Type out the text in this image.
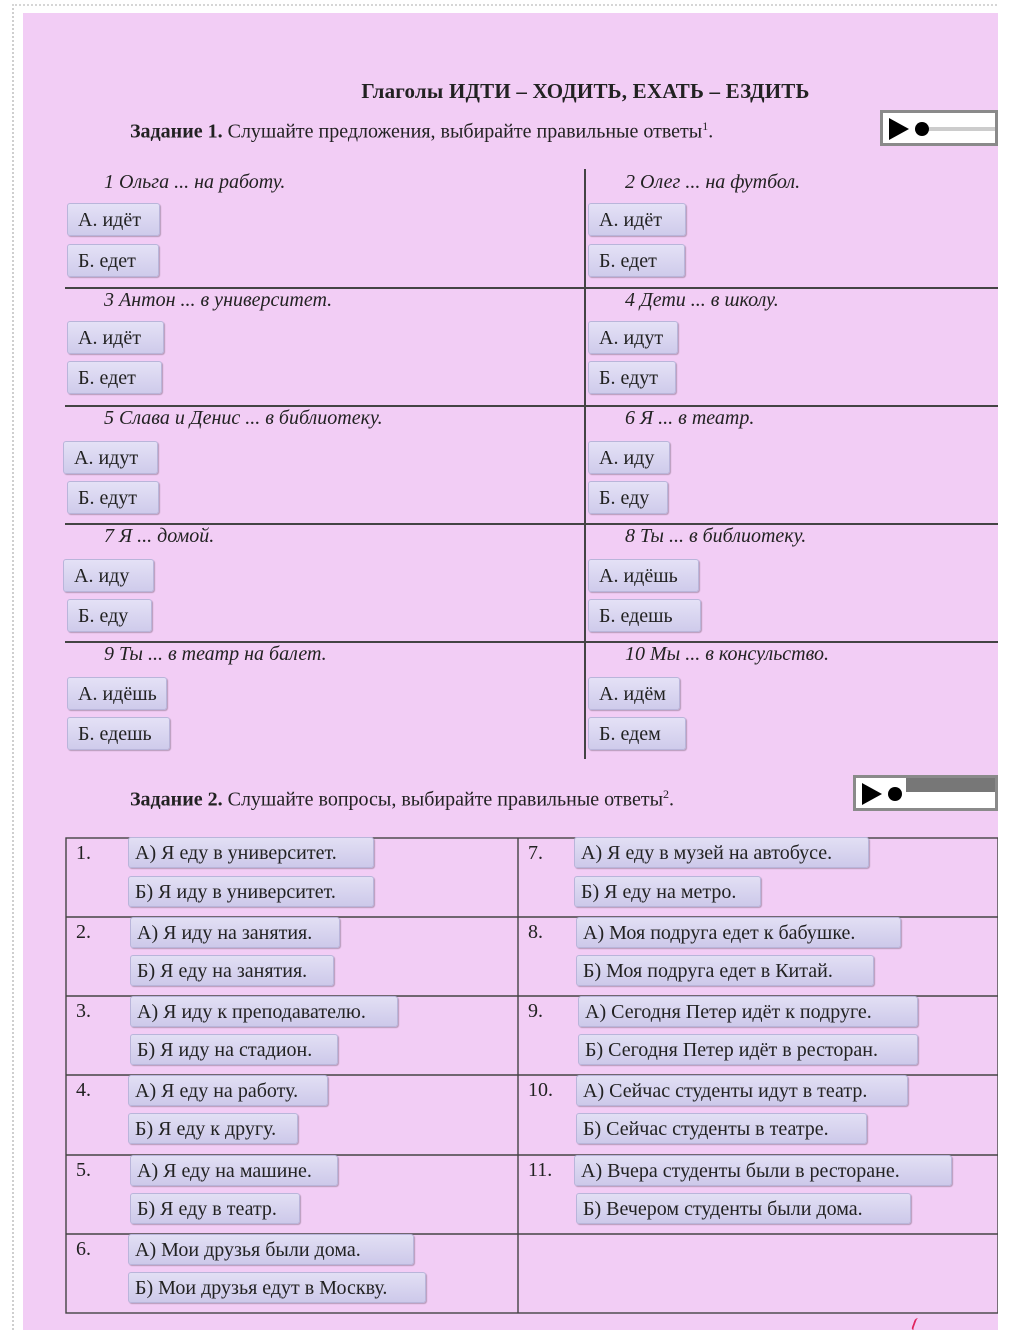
Глаголы ИДТИ – ХОДИТЬ, ЕХАТЬ – ЕЗДИТЬ
Задание 1. Слушайте предложения, выбирайте правильные ответы$^1$.
1 Ольга ... на работу.
А. идёт
Б. едет
2 Олег ... на футбол.
А. идёт
Б. едет
3 Антон ... в университет.
А. идёт
Б. едет
4 Дети ... в школу.
А. идут
Б. едут
5 Слава и Денис ... в библиотеку.
А. идут
Б. едут
6 Я ... в театр.
А. иду
Б. еду
7 Я ... домой.
А. иду
Б. еду
8 Ты ... в библиотеку.
А. идёшь
Б. едешь
9 Ты ... в театр на балет.
А. идёшь
Б. едешь
10 Мы ... в консульство.
А. идём
Б. едем
Задание 2. Слушайте вопросы, выбирайте правильные ответы$^2$.
1.	А) Я еду в университет.
Б) Я иду в университет.
7.	А) Я еду в музей на автобусе.
Б) Я еду на метро.
2.	А) Я иду на занятия.
Б) Я еду на занятия.
8.	А) Моя подруга едет к бабушке.
Б) Моя подруга едет в Китай.
3.	А) Я иду к преподавателю.
Б) Я иду на стадион.
9.	А) Сегодня Петер идёт к подруге.
Б) Сегодня Петер идёт в ресторан.
4.	А) Я еду на работу.
Б) Я еду к другу.
10.	А) Сейчас студенты идут в театр.
Б) Сейчас студенты в театре.
5.	А) Я еду на машине.
Б) Я еду в театр.
11.	А) Вчера студенты были в ресторане.
Б) Вечером студенты были дома.
6.	А) Мои друзья были дома.
Б) Мои друзья едут в Москву.
